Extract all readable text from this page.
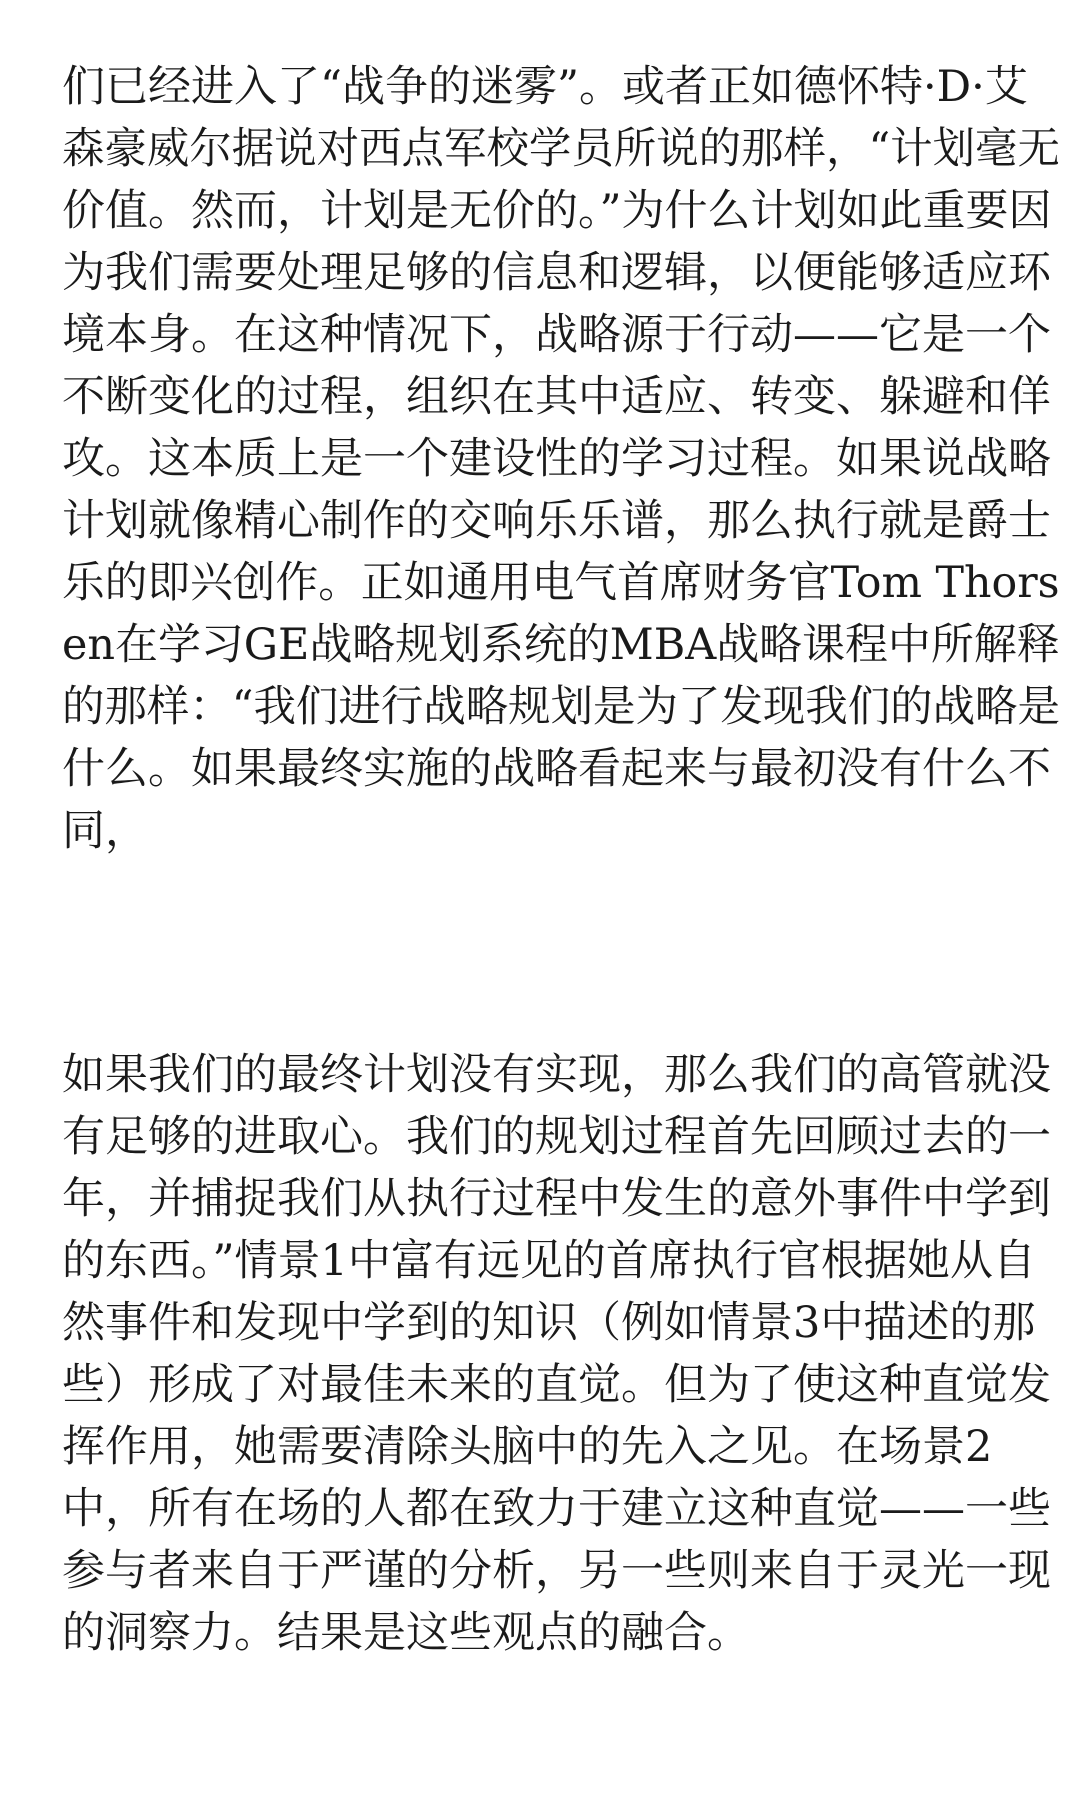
们已经进入了“战争的迷雾”。或者正如德怀特·D·艾
森豪威尔据说对西点军校学员所说的那样，“计划毫无
价值。然而，计划是无价的。”为什么计划如此重要因
为我们需要处理足够的信息和逻辑，以便能够适应环
境本身。在这种情况下，战略源于行动——它是一个
不断变化的过程，组织在其中适应、转变、躲避和佯
攻。这本质上是一个建设性的学习过程。如果说战略
计划就像精心制作的交响乐乐谱，那么执行就是爵士
乐的即兴创作。正如通用电气首席财务官Tom Thors
en在学习GE战略规划系统的MBA战略课程中所解释
的那样：“我们进行战略规划是为了发现我们的战略是
什么。如果最终实施的战略看起来与最初没有什么不
同，
如果我们的最终计划没有实现，那么我们的高管就没
有足够的进取心。我们的规划过程首先回顾过去的一
年，并捕捉我们从执行过程中发生的意外事件中学到
的东西。”情景1中富有远见的首席执行官根据她从自
然事件和发现中学到的知识（例如情景3中描述的那
些）形成了对最佳未来的直觉。但为了使这种直觉发
挥作用，她需要清除头脑中的先入之见。在场景2
中，所有在场的人都在致力于建立这种直觉——一些
参与者来自于严谨的分析，另一些则来自于灵光一现
的洞察力。结果是这些观点的融合。
